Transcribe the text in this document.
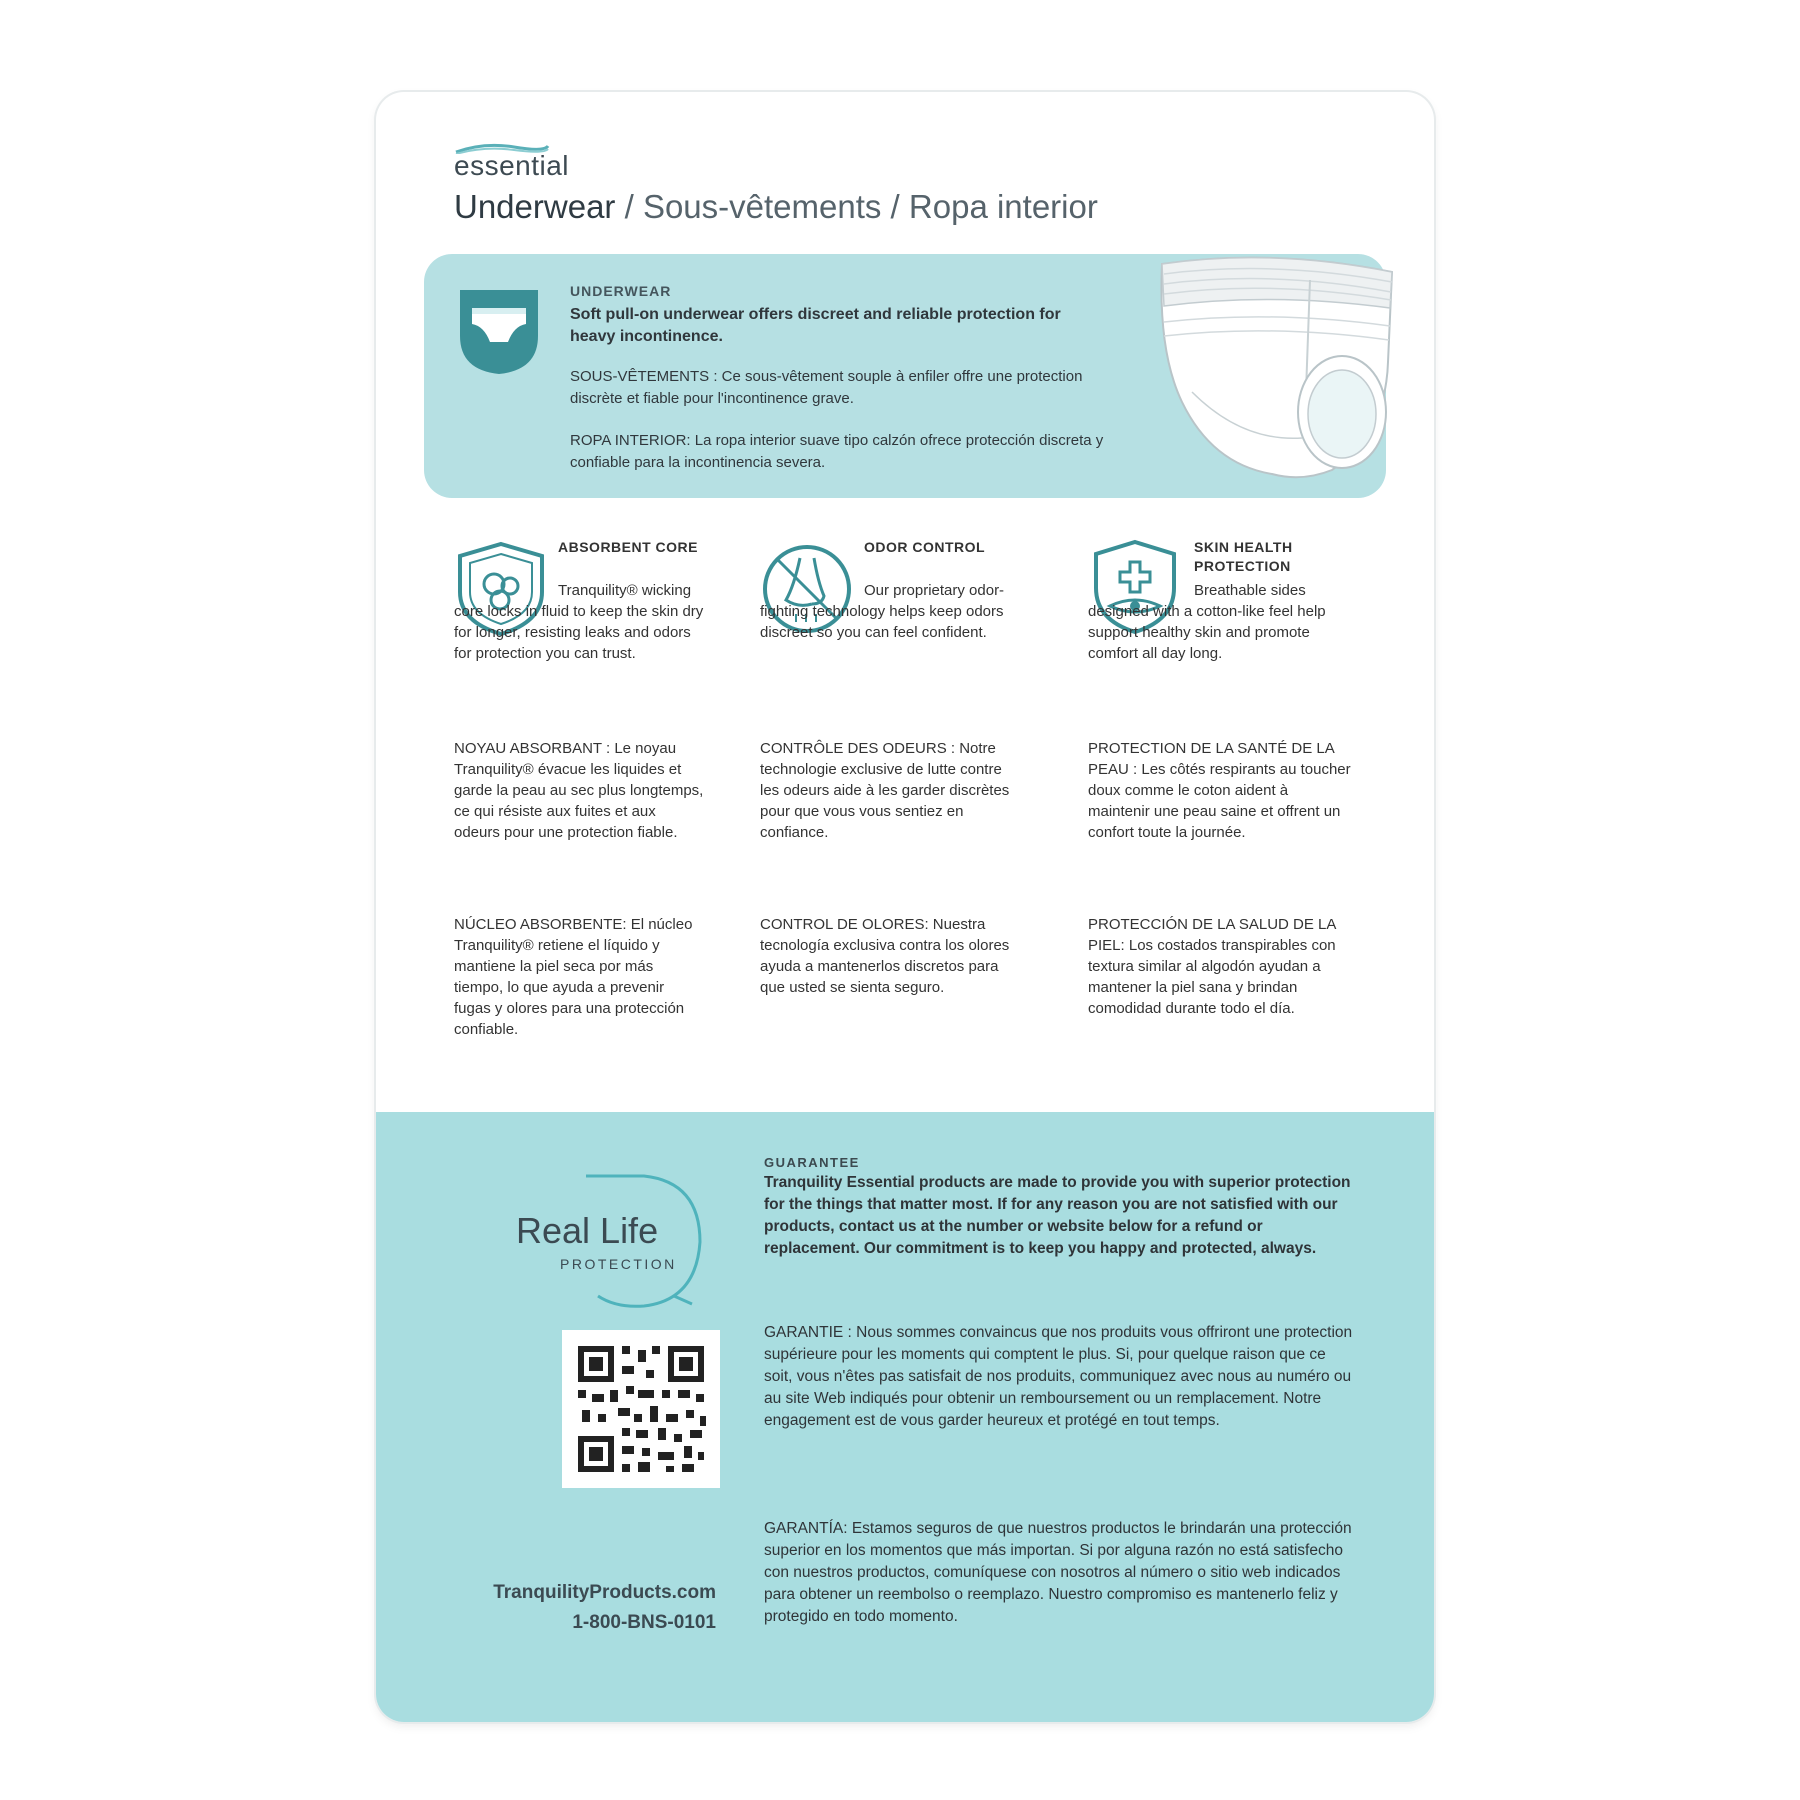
essential
Underwear / Sous-vêtements / Ropa interior
UNDERWEAR
Soft pull-on underwear offers discreet and reliable protection for heavy incontinence.
SOUS-VÊTEMENTS : Ce sous-vêtement souple à enfiler offre une protection discrète et fiable pour l'incontinence grave.
ROPA INTERIOR: La ropa interior suave tipo calzón ofrece protección discreta y confiable para la incontinencia severa.
ABSORBENT CORE
Tranquility® wicking core locks in fluid to keep the skin dry for longer, resisting leaks and odors for protection you can trust.
NOYAU ABSORBANT : Le noyau Tranquility® évacue les liquides et garde la peau au sec plus longtemps, ce qui résiste aux fuites et aux odeurs pour une protection fiable.
NÚCLEO ABSORBENTE: El núcleo Tranquility® retiene el líquido y mantiene la piel seca por más tiempo, lo que ayuda a prevenir fugas y olores para una protección confiable.
ODOR CONTROL
Our proprietary odor-fighting technology helps keep odors discreet so you can feel confident.
CONTRÔLE DES ODEURS : Notre technologie exclusive de lutte contre les odeurs aide à les garder discrètes pour que vous vous sentiez en confiance.
CONTROL DE OLORES: Nuestra tecnología exclusiva contra los olores ayuda a mantenerlos discretos para que usted se sienta seguro.
SKIN HEALTH PROTECTION
Breathable sides designed with a cotton-like feel help support healthy skin and promote comfort all day long.
PROTECTION DE LA SANTÉ DE LA PEAU : Les côtés respirants au toucher doux comme le coton aident à maintenir une peau saine et offrent un confort toute la journée.
PROTECCIÓN DE LA SALUD DE LA PIEL: Los costados transpirables con textura similar al algodón ayudan a mantener la piel sana y brindan comodidad durante todo el día.
Real Life
PROTECTION
GUARANTEE
Tranquility Essential products are made to provide you with superior protection for the things that matter most. If for any reason you are not satisfied with our products, contact us at the number or website below for a refund or replacement. Our commitment is to keep you happy and protected, always.
GARANTIE : Nous sommes convaincus que nos produits vous offriront une protection supérieure pour les moments qui comptent le plus. Si, pour quelque raison que ce soit, vous n'êtes pas satisfait de nos produits, communiquez avec nous au numéro ou au site Web indiqués pour obtenir un remboursement ou un remplacement. Notre engagement est de vous garder heureux et protégé en tout temps.
GARANTÍA: Estamos seguros de que nuestros productos le brindarán una protección superior en los momentos que más importan. Si por alguna razón no está satisfecho con nuestros productos, comuníquese con nosotros al número o sitio web indicados para obtener un reembolso o reemplazo. Nuestro compromiso es mantenerlo feliz y protegido en todo momento.
TranquilityProducts.com
1-800-BNS-0101
